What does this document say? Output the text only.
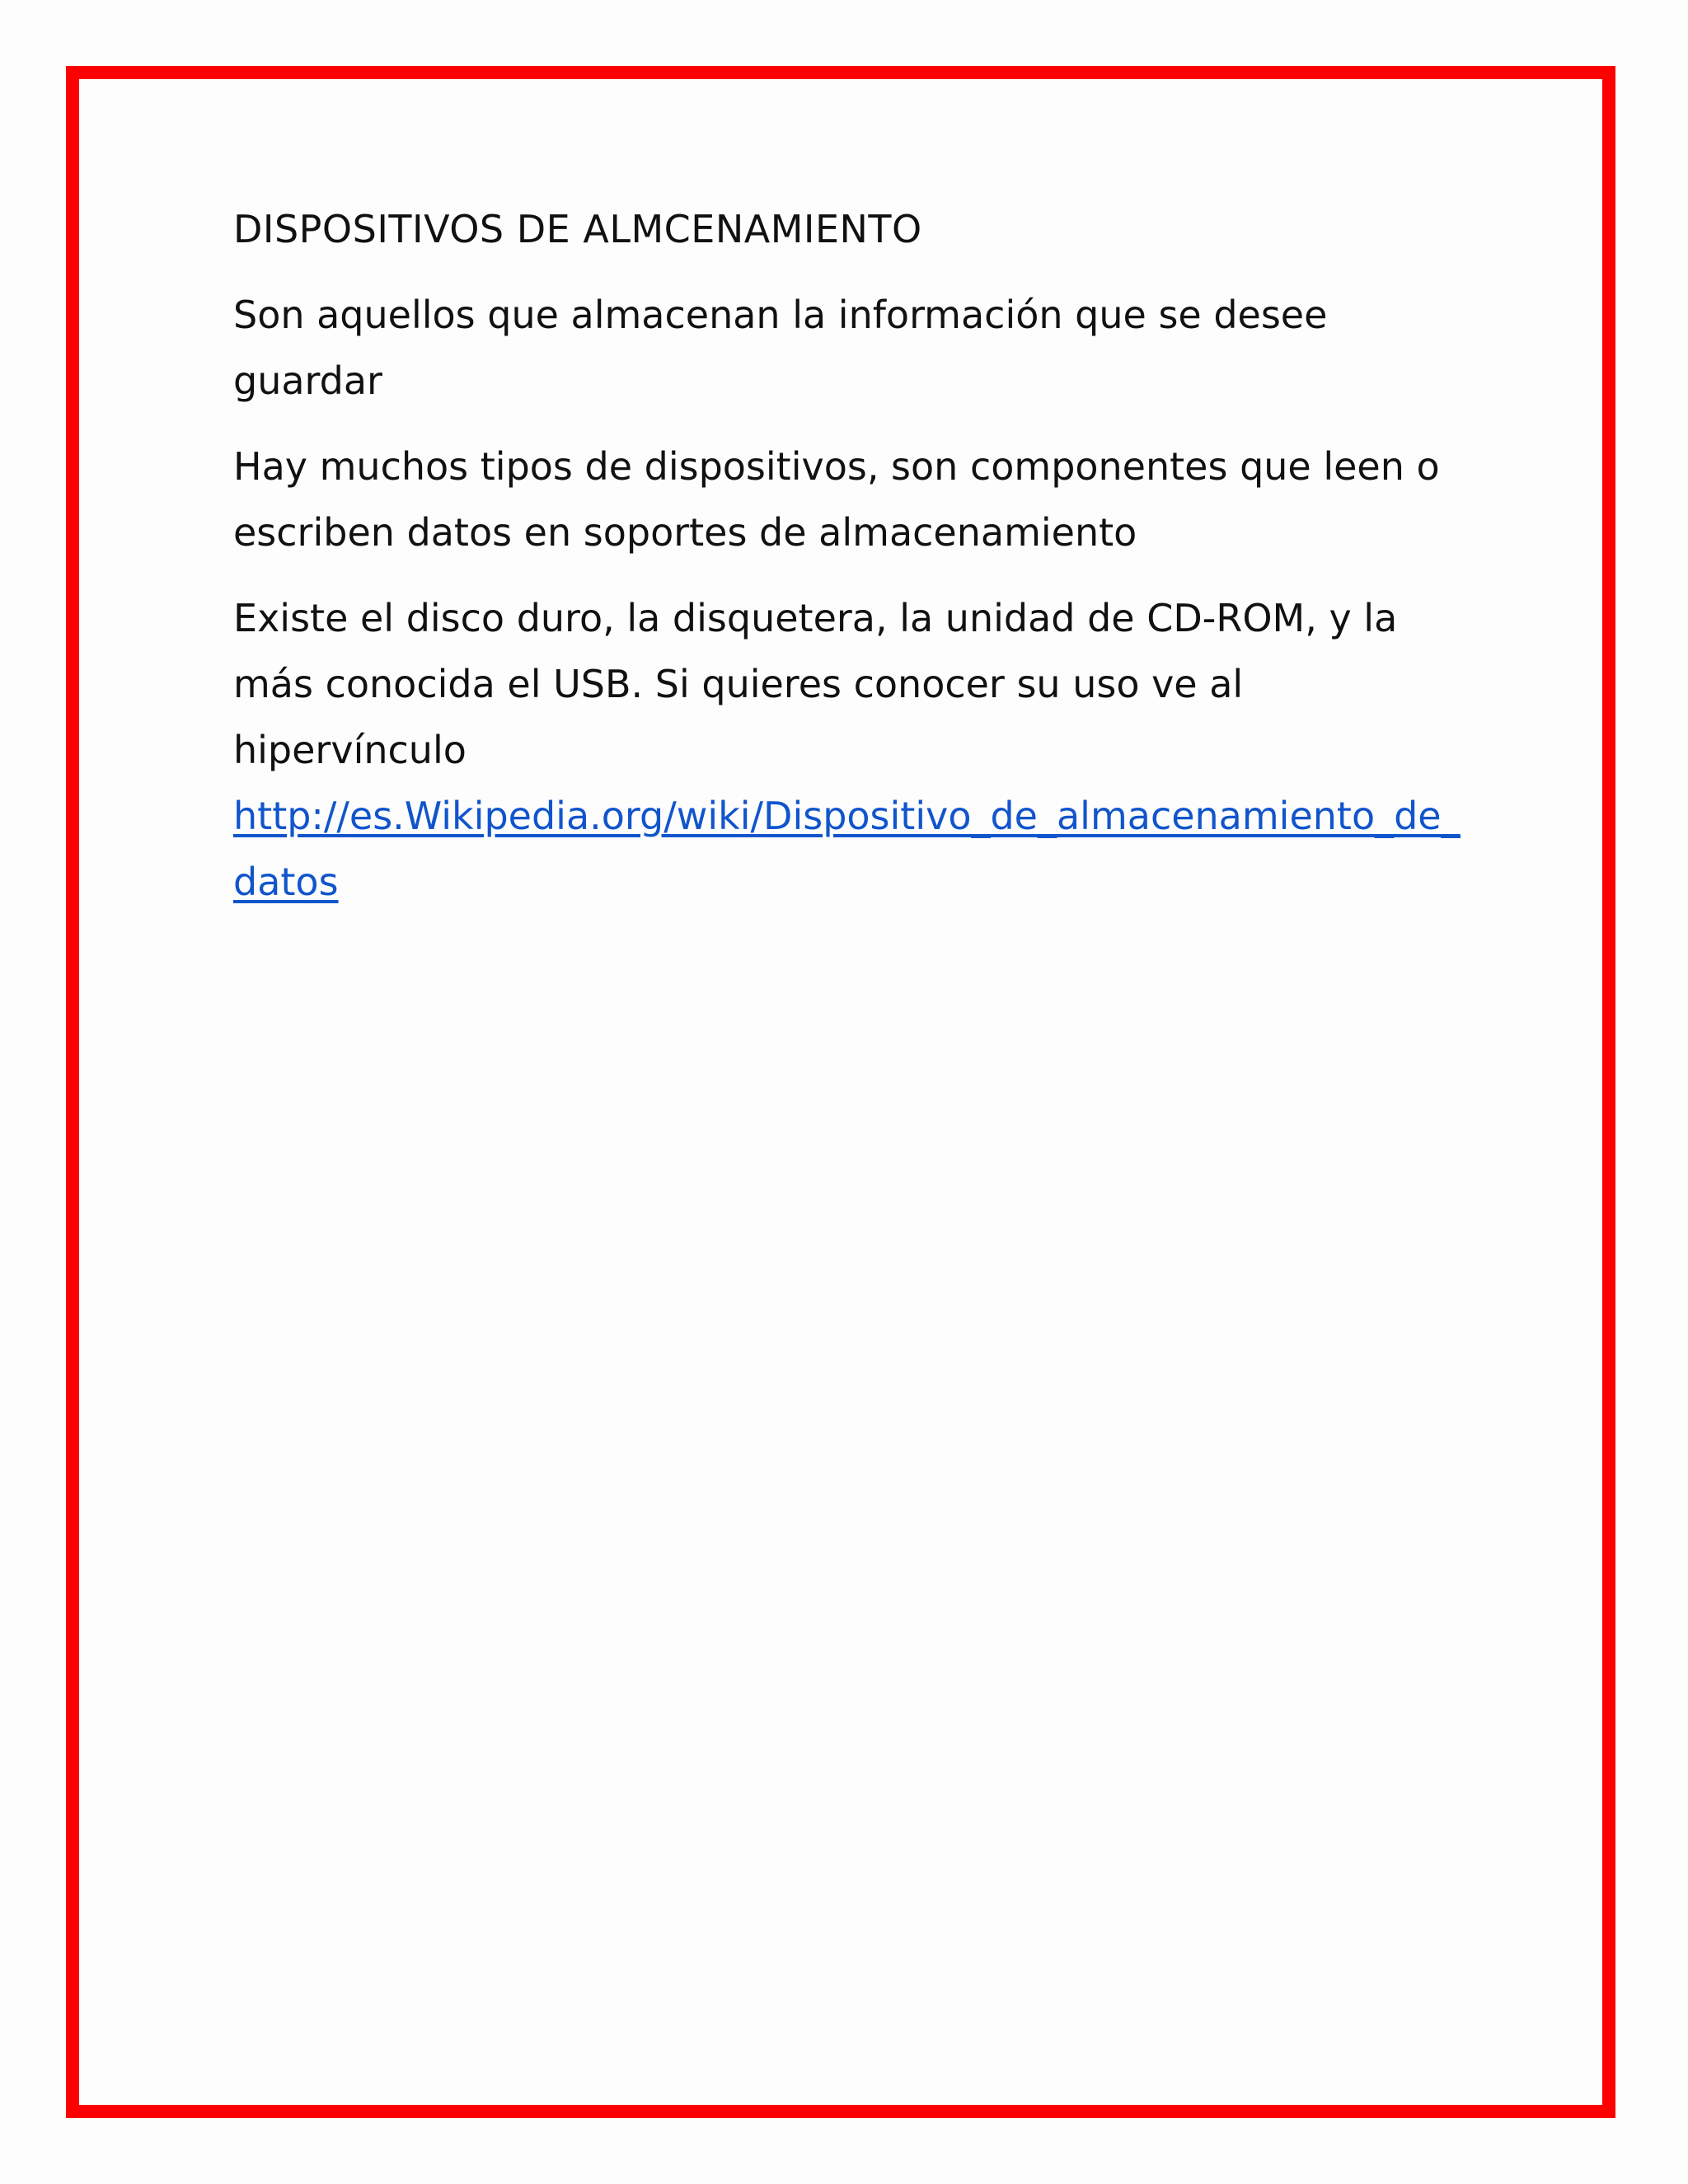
DISPOSITIVOS DE ALMCENAMIENTO

Son aquellos que almacenan la información que se desee guardar

Hay muchos tipos de dispositivos, son componentes que leen o escriben datos en soportes de almacenamiento

Existe el disco duro, la disquetera, la unidad de CD-ROM, y la más conocida el USB. Si quieres conocer su uso ve al hipervínculo
http://es.Wikipedia.org/wiki/Dispositivo_de_almacenamiento_de_datos
